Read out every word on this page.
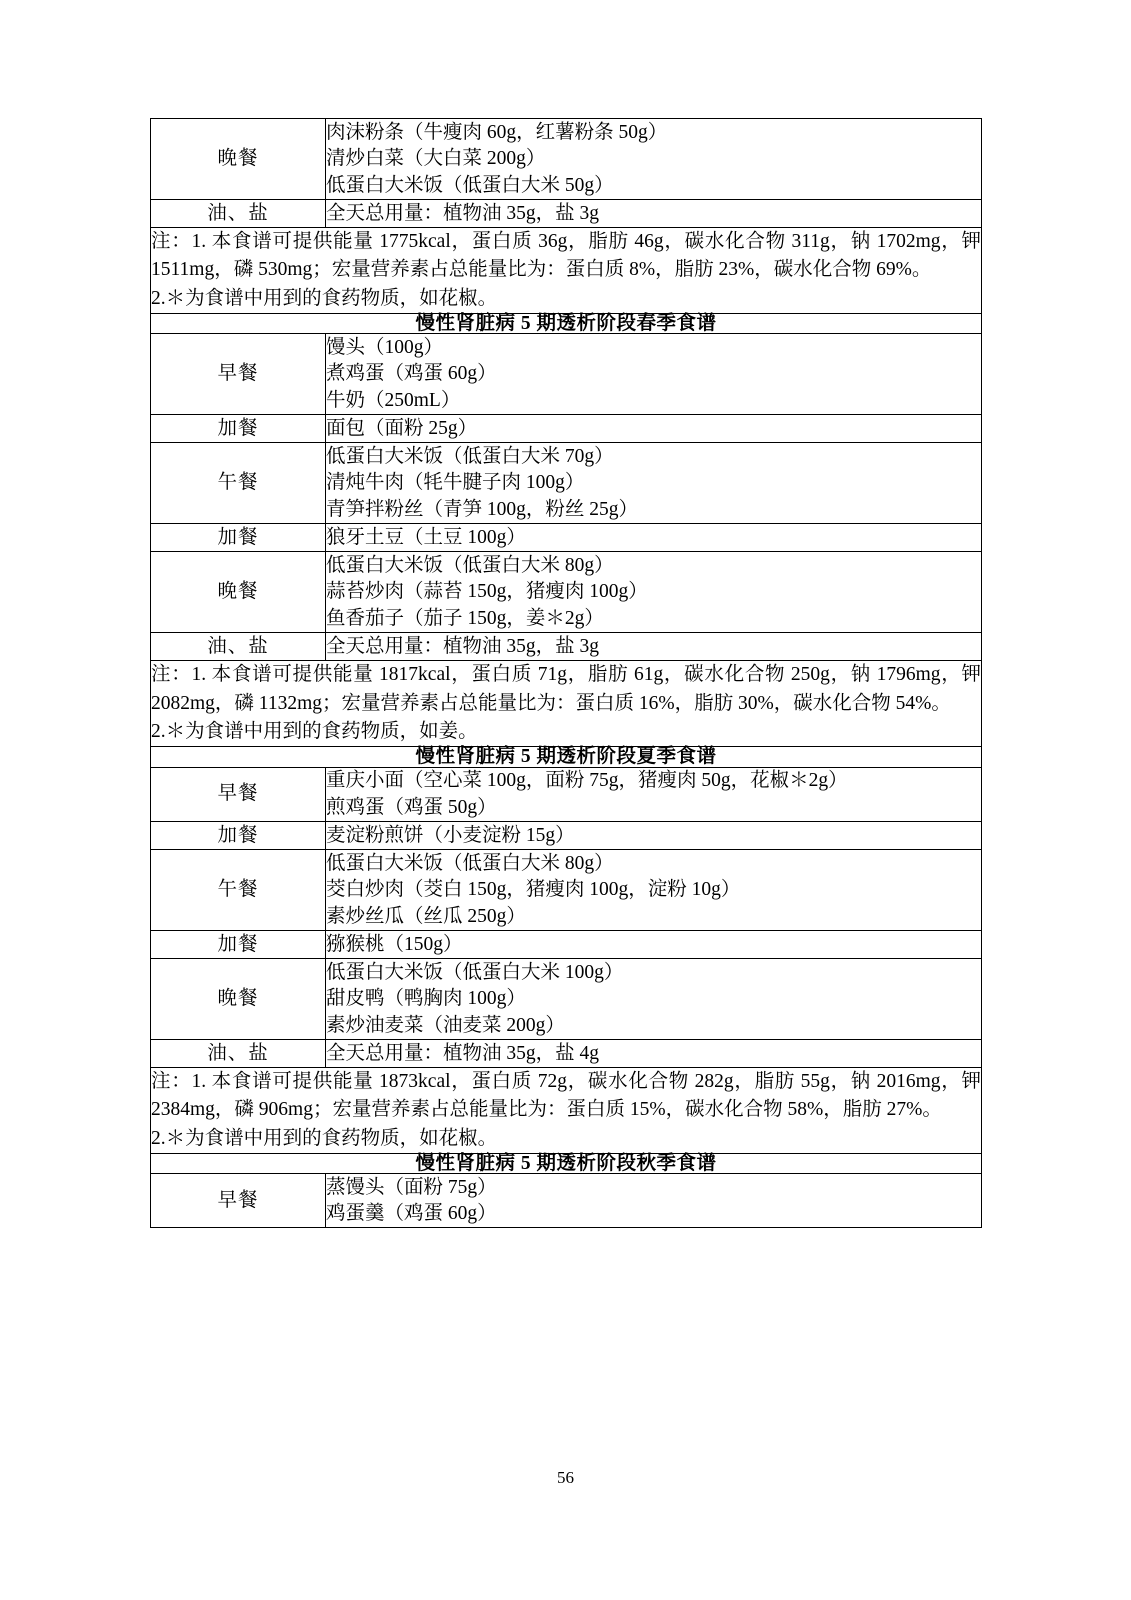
晚餐	肉沫粉条（牛瘦肉 60g，红薯粉条 50g）
清炒白菜（大白菜 200g）
低蛋白大米饭（低蛋白大米 50g）

油、盐	全天总用量：植物油 35g，盐 3g

注：1. 本食谱可提供能量 1775kcal，蛋白质 36g，脂肪 46g，碳水化合物 311g，钠 1702mg，钾 1511mg，磷 530mg；宏量营养素占总能量比为：蛋白质 8%，脂肪 23%，碳水化合物 69%。

2.＊为食谱中用到的食药物质，如花椒。	

慢性肾脏病 5 期透析阶段春季食谱	
早餐	馒头（100g）
煮鸡蛋（鸡蛋 60g）
牛奶（250mL）

加餐	面包（面粉 25g）

午餐	低蛋白大米饭（低蛋白大米 70g）
清炖牛肉（牦牛腱子肉 100g）
青笋拌粉丝（青笋 100g，粉丝 25g）

加餐	狼牙土豆（土豆 100g）

晚餐	低蛋白大米饭（低蛋白大米 80g）
蒜苔炒肉（蒜苔 150g，猪瘦肉 100g）
鱼香茄子（茄子 150g，姜＊2g）

油、盐	全天总用量：植物油 35g，盐 3g

注：1. 本食谱可提供能量 1817kcal，蛋白质 71g，脂肪 61g，碳水化合物 250g，钠 1796mg，钾 2082mg，磷 1132mg；宏量营养素占总能量比为：蛋白质 16%，脂肪 30%，碳水化合物 54%。

2.＊为食谱中用到的食药物质，如姜。	

慢性肾脏病 5 期透析阶段夏季食谱	
早餐	重庆小面（空心菜 100g，面粉 75g，猪瘦肉 50g，花椒＊2g）
煎鸡蛋（鸡蛋 50g）

加餐	麦淀粉煎饼（小麦淀粉 15g）

午餐	低蛋白大米饭（低蛋白大米 80g）
茭白炒肉（茭白 150g，猪瘦肉 100g，淀粉 10g）
素炒丝瓜（丝瓜 250g）

加餐	猕猴桃（150g）

晚餐	低蛋白大米饭（低蛋白大米 100g）
甜皮鸭（鸭胸肉 100g）
素炒油麦菜（油麦菜 200g）

油、盐	全天总用量：植物油 35g，盐 4g

注：1. 本食谱可提供能量 1873kcal，蛋白质 72g，碳水化合物 282g，脂肪 55g，钠 2016mg，钾 2384mg，磷 906mg；宏量营养素占总能量比为：蛋白质 15%，碳水化合物 58%，脂肪 27%。

2.＊为食谱中用到的食药物质，如花椒。	

慢性肾脏病 5 期透析阶段秋季食谱	
早餐	蒸馒头（面粉 75g）
鸡蛋羹（鸡蛋 60g）
56
